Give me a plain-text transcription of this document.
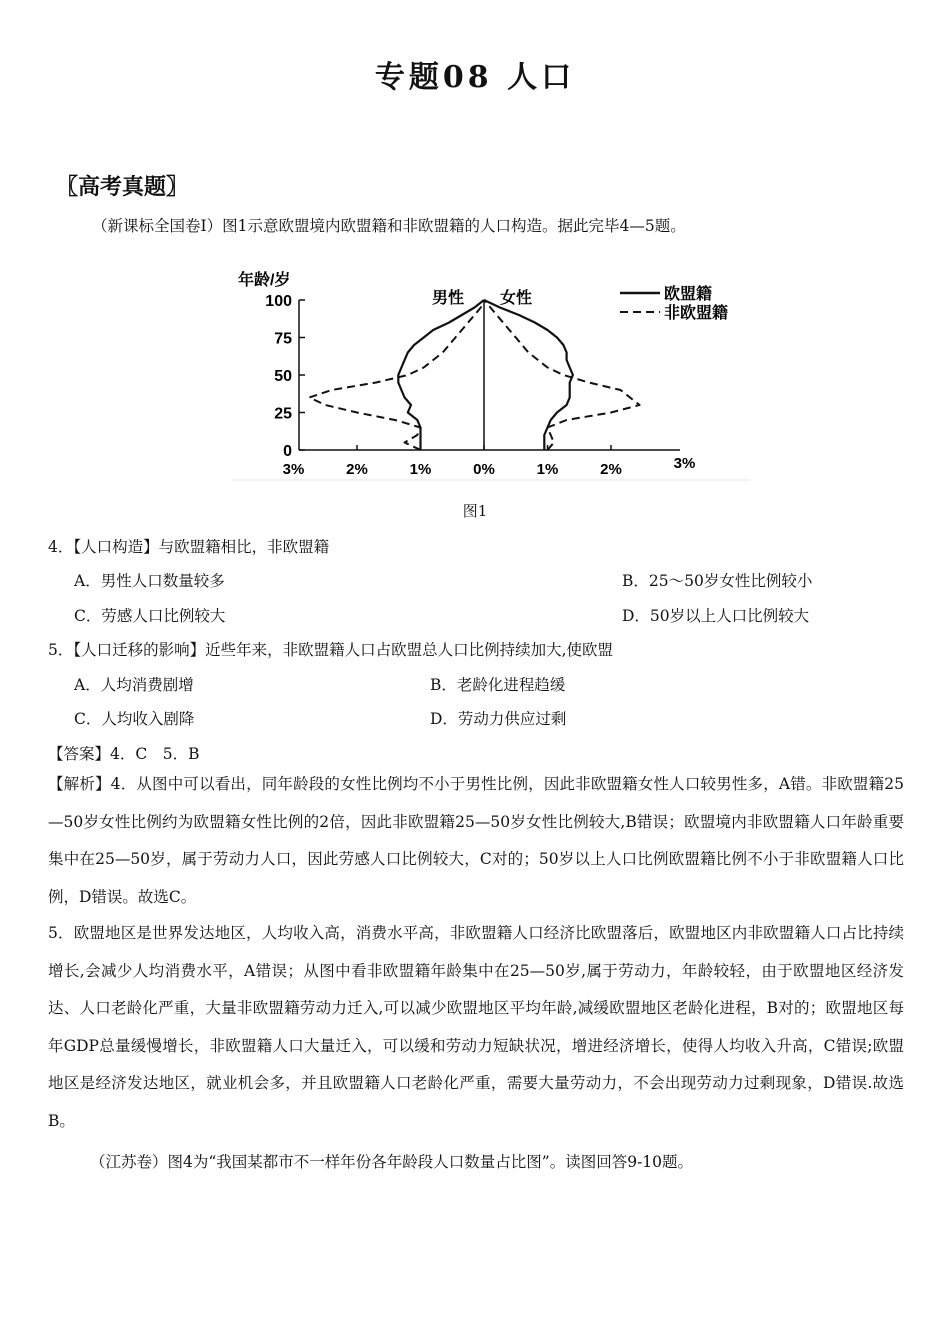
专题08 人口
〖高考真题〗
（新课标全国卷Ⅰ）图1示意欧盟境内欧盟籍和非欧盟籍的人口构造。据此完毕4—5题。
年龄/岁
男性 女性	欧盟籍
非欧盟籍
100
75
50
25
0
3%	2%	1%	0%	1%	2%	3%
图1
4．【人口构造】与欧盟籍相比，非欧盟籍
A．男性人口数量较多	B．25～50岁女性比例较小
C．劳感人口比例较大	D．50岁以上人口比例较大
5．【人口迁移的影响】近些年来，非欧盟籍人口占欧盟总人口比例持续加大,使欧盟
A．人均消费剧增	B．老龄化进程趋缓
C．人均收入剧降	D．劳动力供应过剩
【答案】4．C　5．B
【解析】4．从图中可以看出，同年龄段的女性比例均不小于男性比例，因此非欧盟籍女性人口较男性多，A错。非欧盟籍25—50岁女性比例约为欧盟籍女性比例的2倍，因此非欧盟籍25—50岁女性比例较大,B错误；欧盟境内非欧盟籍人口年龄重要集中在25—50岁，属于劳动力人口，因此劳感人口比例较大，C对的；50岁以上人口比例欧盟籍比例不小于非欧盟籍人口比例，D错误。故选C。
5．欧盟地区是世界发达地区，人均收入高，消费水平高，非欧盟籍人口经济比欧盟落后，欧盟地区内非欧盟籍人口占比持续增长,会减少人均消费水平，A错误；从图中看非欧盟籍年龄集中在25—50岁,属于劳动力，年龄较轻，由于欧盟地区经济发达、人口老龄化严重，大量非欧盟籍劳动力迁入,可以减少欧盟地区平均年龄,减缓欧盟地区老龄化进程，B对的；欧盟地区每年GDP总量缓慢增长，非欧盟籍人口大量迁入，可以缓和劳动力短缺状况，增进经济增长，使得人均收入升高，C错误;欧盟地区是经济发达地区，就业机会多，并且欧盟籍人口老龄化严重，需要大量劳动力，不会出现劳动力过剩现象，D错误.故选B。
（江苏卷）图4为“我国某都市不一样年份各年龄段人口数量占比图”。读图回答9-10题。
